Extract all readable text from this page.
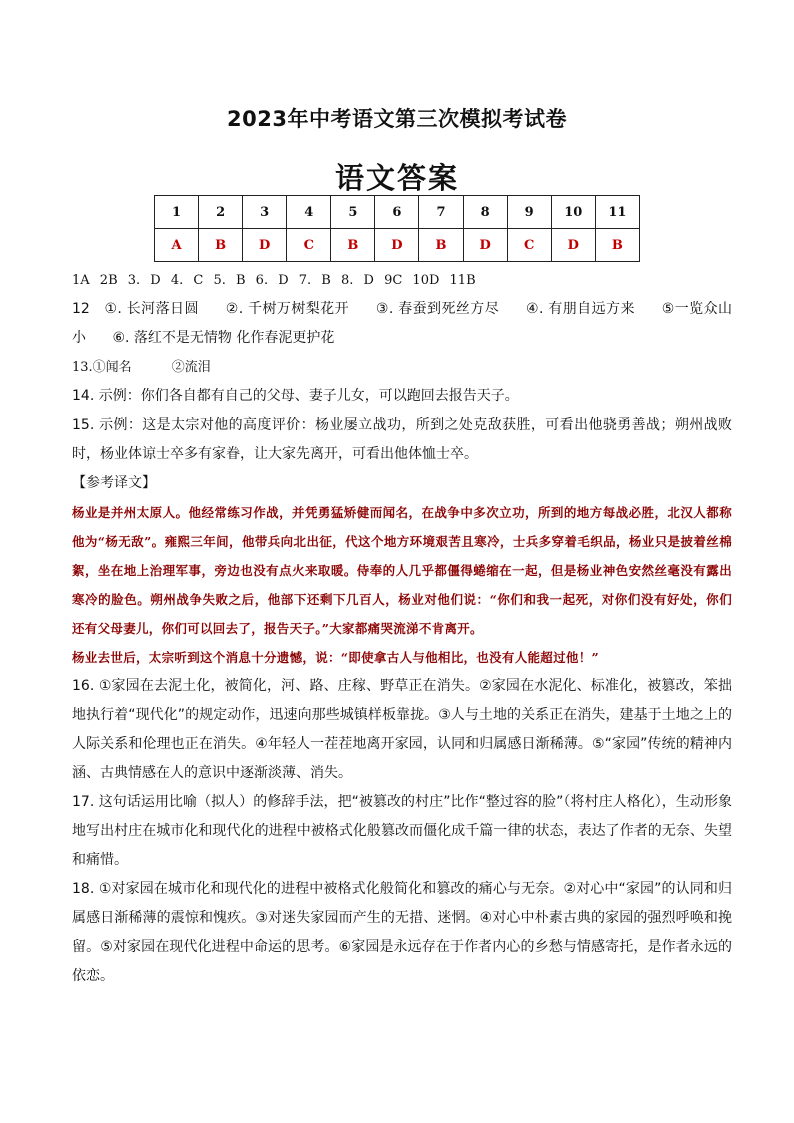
2023年中考语文第三次模拟考试卷
语文答案
1	2	3	4	5	6	7	8	9	10	11
A	B	D	C	B	D	B	D	C	D	B

1A 2B 3. D 4. C 5. B 6. D 7. B 8. D 9C 10D 11B

12 ①. 长河落日圆 ②. 千树万树梨花开 ③. 春蚕到死丝方尽 ④. 有朋自远方来 ⑤一览众山小 ⑥. 落红不是无情物 化作春泥更护花

13.①闻名	②流泪

14. 示例：你们各自都有自己的父母、妻子儿女，可以跑回去报告天子。

15. 示例：这是太宗对他的高度评价：杨业屡立战功，所到之处克敌获胜，可看出他骁勇善战；朔州战败时，杨业体谅士卒多有家眷，让大家先离开，可看出他体恤士卒。

【参考译文】

杨业是并州太原人。他经常练习作战，并凭勇猛矫健而闻名，在战争中多次立功，所到的地方每战必胜，北汉人都称他为“杨无敌”。雍熙三年间，他带兵向北出征，代这个地方环境艰苦且寒冷，士兵多穿着毛织品，杨业只是披着丝棉絮，坐在地上治理军事，旁边也没有点火来取暖。侍奉的人几乎都僵得蜷缩在一起，但是杨业神色安然丝毫没有露出寒冷的脸色。朔州战争失败之后，他部下还剩下几百人，杨业对他们说：“你们和我一起死，对你们没有好处，你们还有父母妻儿，你们可以回去了，报告天子。”大家都痛哭流涕不肯离开。

杨业去世后，太宗听到这个消息十分遗憾，说：“即使拿古人与他相比，也没有人能超过他！”

16. ①家园在去泥土化，被简化，河、路、庄稼、野草正在消失。②家园在水泥化、标准化，被篡改，笨拙地执行着“现代化”的规定动作，迅速向那些城镇样板靠拢。③人与土地的关系正在消失，建基于土地之上的人际关系和伦理也正在消失。④年轻人一茬茬地离开家园，认同和归属感日渐稀薄。⑤“家园”传统的精神内涵、古典情感在人的意识中逐渐淡薄、消失。

17. 这句话运用比喻（拟人）的修辞手法，把“被篡改的村庄”比作“整过容的脸”（将村庄人格化），生动形象地写出村庄在城市化和现代化的进程中被格式化般篡改而僵化成千篇一律的状态，表达了作者的无奈、失望和痛惜。

18. ①对家园在城市化和现代化的进程中被格式化般简化和篡改的痛心与无奈。②对心中“家园”的认同和归属感日渐稀薄的震惊和愧疚。③对迷失家园而产生的无措、迷惘。④对心中朴素古典的家园的强烈呼唤和挽留。⑤对家园在现代化进程中命运的思考。⑥家园是永远存在于作者内心的乡愁与情感寄托，是作者永远的依恋。
